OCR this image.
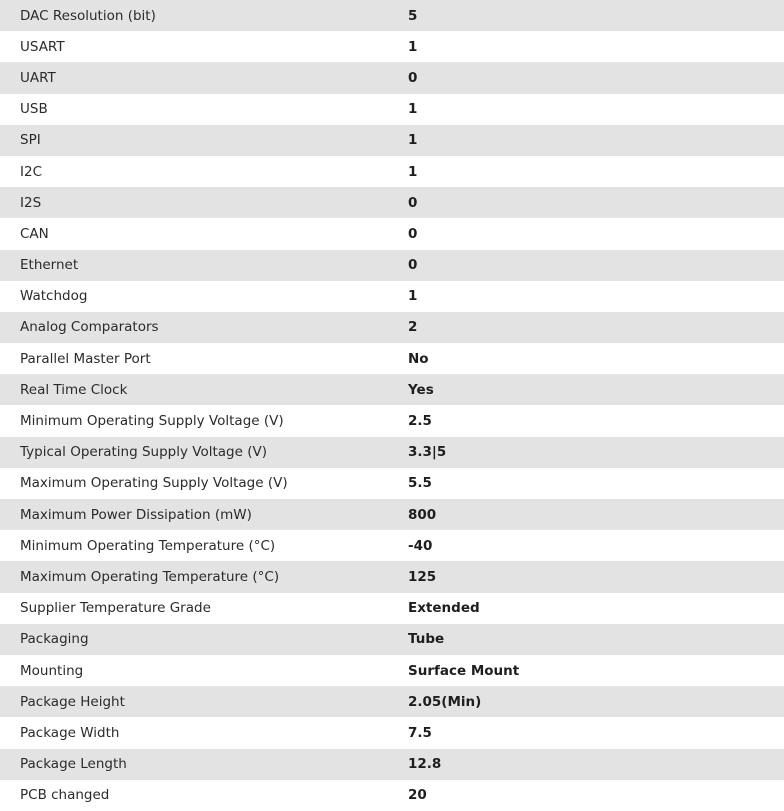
DAC Resolution (bit)	5
USART	1
UART	0
USB	1
SPI	1
I2C	1
I2S	0
CAN	0
Ethernet	0
Watchdog	1
Analog Comparators	2
Parallel Master Port	No
Real Time Clock	Yes
Minimum Operating Supply Voltage (V)	2.5
Typical Operating Supply Voltage (V)	3.3|5
Maximum Operating Supply Voltage (V)	5.5
Maximum Power Dissipation (mW)	800
Minimum Operating Temperature (°C)	-40
Maximum Operating Temperature (°C)	125
Supplier Temperature Grade	Extended
Packaging	Tube
Mounting	Surface Mount
Package Height	2.05(Min)
Package Width	7.5
Package Length	12.8
PCB changed	20
